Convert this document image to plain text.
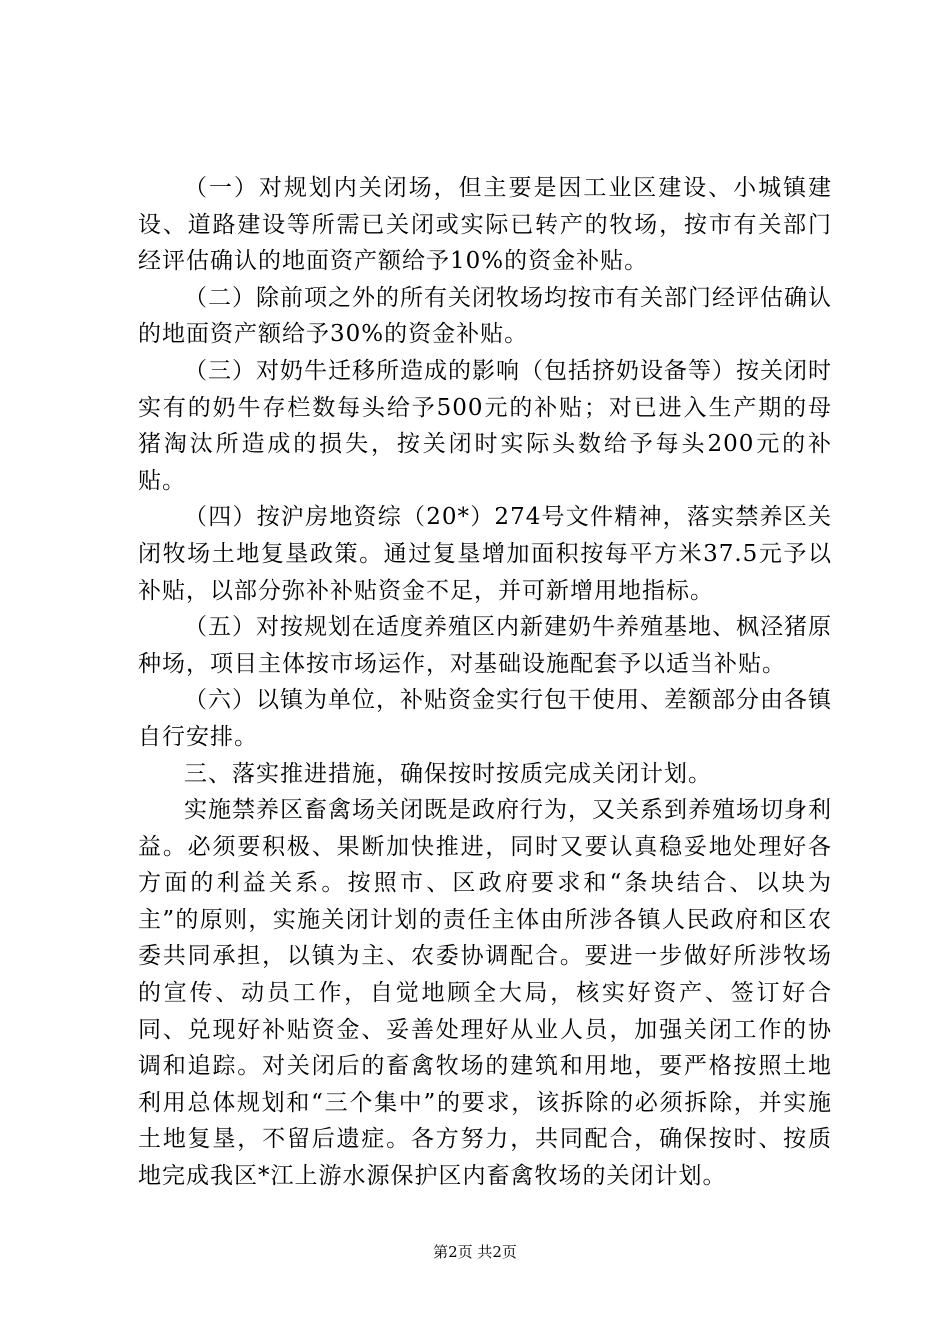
（一）对规划内关闭场，但主要是因工业区建设、小城镇建设、道路建设等所需已关闭或实际已转产的牧场，按市有关部门经评估确认的地面资产额给予10%的资金补贴。

（二）除前项之外的所有关闭牧场均按市有关部门经评估确认的地面资产额给予30%的资金补贴。

（三）对奶牛迁移所造成的影响（包括挤奶设备等）按关闭时实有的奶牛存栏数每头给予500元的补贴；对已进入生产期的母猪淘汰所造成的损失，按关闭时实际头数给予每头200元的补贴。

（四）按沪房地资综（20*）274号文件精神，落实禁养区关闭牧场土地复垦政策。通过复垦增加面积按每平方米37.5元予以补贴，以部分弥补补贴资金不足，并可新增用地指标。

（五）对按规划在适度养殖区内新建奶牛养殖基地、枫泾猪原种场，项目主体按市场运作，对基础设施配套予以适当补贴。

（六）以镇为单位，补贴资金实行包干使用、差额部分由各镇自行安排。

三、落实推进措施，确保按时按质完成关闭计划。

实施禁养区畜禽场关闭既是政府行为，又关系到养殖场切身利益。必须要积极、果断加快推进，同时又要认真稳妥地处理好各方面的利益关系。按照市、区政府要求和“条块结合、以块为主”的原则，实施关闭计划的责任主体由所涉各镇人民政府和区农委共同承担，以镇为主、农委协调配合。要进一步做好所涉牧场的宣传、动员工作，自觉地顾全大局，核实好资产、签订好合同、兑现好补贴资金、妥善处理好从业人员，加强关闭工作的协调和追踪。对关闭后的畜禽牧场的建筑和用地，要严格按照土地利用总体规划和“三个集中”的要求，该拆除的必须拆除，并实施土地复垦，不留后遗症。各方努力，共同配合，确保按时、按质地完成我区*江上游水源保护区内畜禽牧场的关闭计划。

第2页 共2页
